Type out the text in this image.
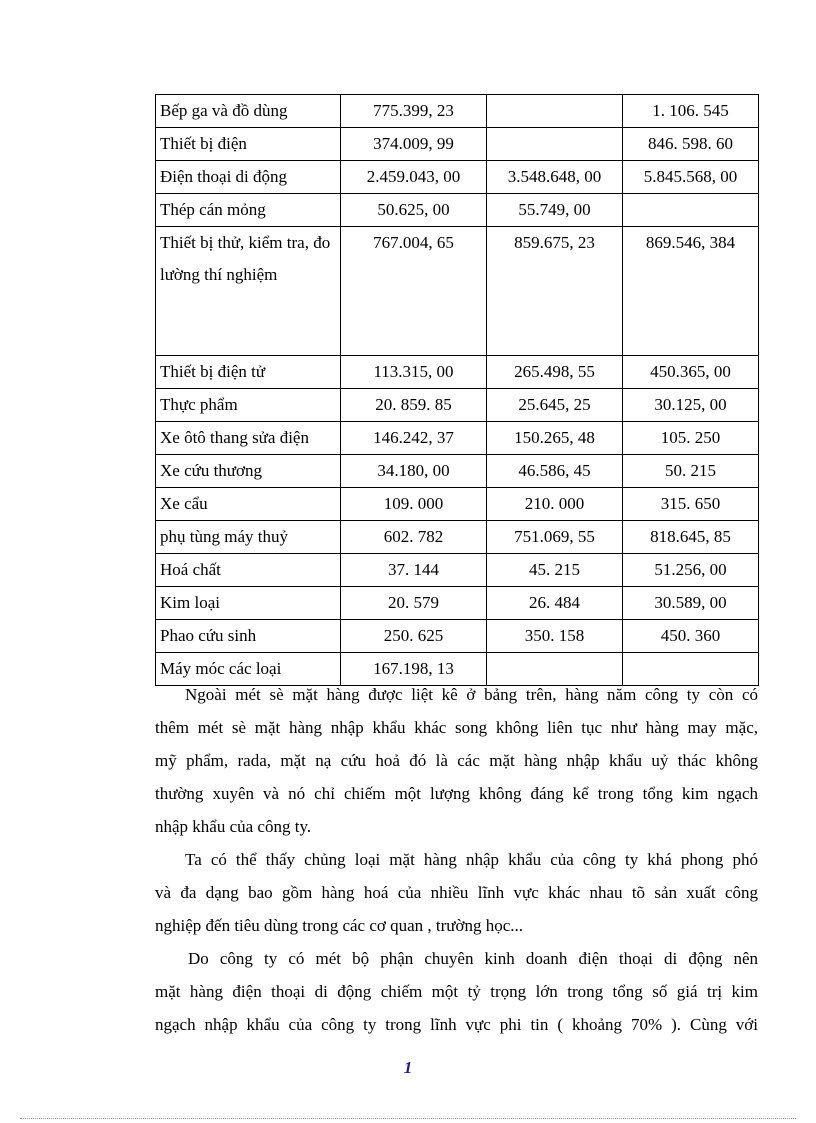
Bếp ga và đồ dùng	775.399, 23		1. 106. 545
Thiết bị điện	374.009, 99		846. 598. 60
Điện thoại di động	2.459.043, 00	3.548.648, 00	5.845.568, 00
Thép cán mỏng	50.625, 00	55.749, 00	
Thiết bị thử, kiểm tra, đo lường thí nghiệm	767.004, 65	859.675, 23	869.546, 384
Thiết bị điện tử	113.315, 00	265.498, 55	450.365, 00
Thực phẩm	20. 859. 85	25.645, 25	30.125, 00
Xe ôtô thang sửa điện	146.242, 37	150.265, 48	105. 250
Xe cứu thương	34.180, 00	46.586, 45	50. 215
Xe cẩu	109. 000	210. 000	315. 650
phụ tùng máy thuỷ	602. 782	751.069, 55	818.645, 85
Hoá chất	37. 144	45. 215	51.256, 00
Kim loại	20. 579	26. 484	30.589, 00
Phao cứu sinh	250. 625	350. 158	450. 360
Máy móc các loại	167.198, 13		
Ngoài mét sè mặt hàng được liệt kê ở bảng trên, hàng năm công ty còn có
thêm mét sè mặt hàng nhập khẩu khác song không liên tục như hàng may mặc,
mỹ phẩm, rada, mặt nạ cứu hoả đó là các mặt hàng nhập khẩu uỷ thác không
thường xuyên và nó chỉ chiếm một lượng không đáng kể trong tổng kim ngạch
nhập khẩu của công ty.
Ta có thể thấy chủng loại mặt hàng nhập khẩu của công ty khá phong phó
và đa dạng bao gồm hàng hoá của nhiều lĩnh vực khác nhau tõ sản xuất công
nghiệp đến tiêu dùng trong các cơ quan , trường học...
Do công ty có mét bộ phận chuyên kinh doanh điện thoại di động nên
mặt hàng điện thoại di động chiếm một tỷ trọng lớn trong tổng số giá trị kim
ngạch nhập khẩu của công ty trong lĩnh vực phi tin ( khoảng 70% ). Cùng với
1
